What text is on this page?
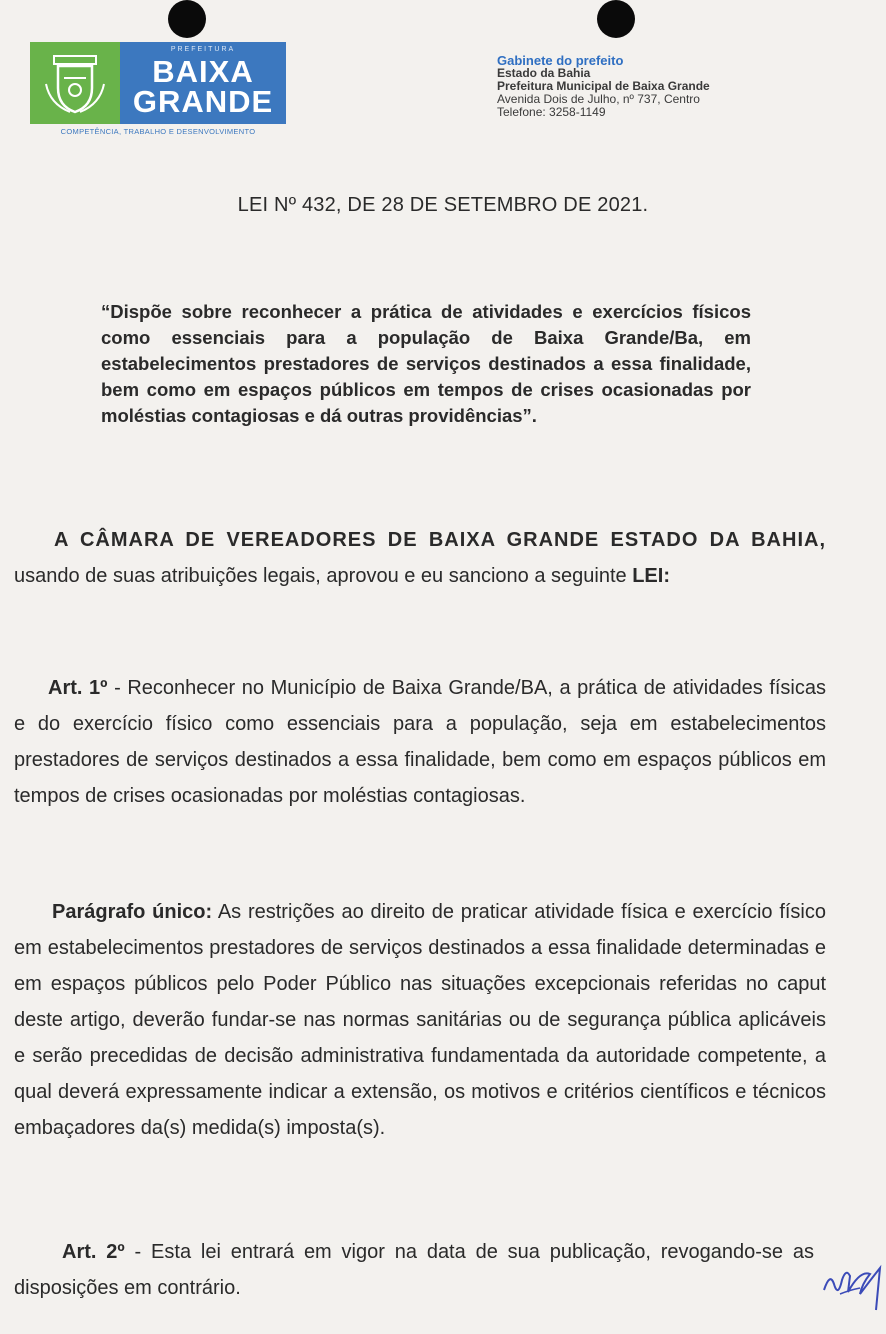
PREFEITURA
BAIXA
GRANDE
COMPETÊNCIA, TRABALHO E DESENVOLVIMENTO
Gabinete do prefeito
Estado da Bahia
Prefeitura Municipal de Baixa Grande
Avenida Dois de Julho, nº 737, Centro
Telefone: 3258-1149
LEI Nº 432, DE 28 DE SETEMBRO DE 2021.
“Dispõe sobre reconhecer a prática de atividades e exercícios físicos como essenciais para a população de Baixa Grande/Ba, em estabelecimentos prestadores de serviços destinados a essa finalidade, bem como em espaços públicos em tempos de crises ocasionadas por moléstias contagiosas e dá outras providências”.
A CÂMARA DE VEREADORES DE BAIXA GRANDE ESTADO DA BAHIA, usando de suas atribuições legais, aprovou e eu sanciono a seguinte LEI:
Art. 1º - Reconhecer no Município de Baixa Grande/BA, a prática de atividades físicas e do exercício físico como essenciais para a população, seja em estabelecimentos prestadores de serviços destinados a essa finalidade, bem como em espaços públicos em tempos de crises ocasionadas por moléstias contagiosas.
Parágrafo único: As restrições ao direito de praticar atividade física e exercício físico em estabelecimentos prestadores de serviços destinados a essa finalidade determinadas e em espaços públicos pelo Poder Público nas situações excepcionais referidas no caput deste artigo, deverão fundar-se nas normas sanitárias ou de segurança pública aplicáveis e serão precedidas de decisão administrativa fundamentada da autoridade competente, a qual deverá expressamente indicar a extensão, os motivos e critérios científicos e técnicos embaçadores da(s) medida(s) imposta(s).
Art. 2º - Esta lei entrará em vigor na data de sua publicação, revogando-se as disposições em contrário.
